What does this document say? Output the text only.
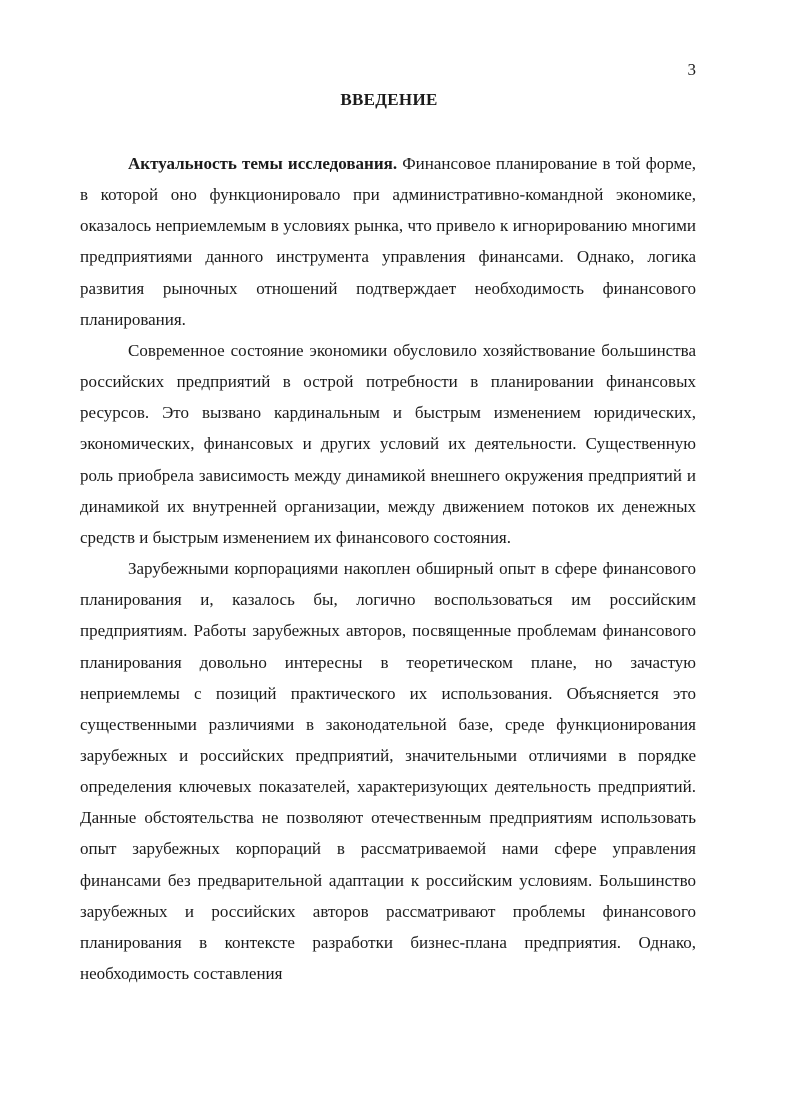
3
ВВЕДЕНИЕ

Актуальность темы исследования. Финансовое планирование в той форме, в которой оно функционировало при административно-командной экономике, оказалось неприемлемым в условиях рынка, что привело к игнорированию многими предприятиями данного инструмента управления финансами. Однако, логика развития рыночных отношений подтверждает необходимость финансового планирования.

Современное состояние экономики обусловило хозяйствование большинства российских предприятий в острой потребности в планировании финансовых ресурсов. Это вызвано кардинальным и быстрым изменением юридических, экономических, финансовых и других условий их деятельности. Существенную роль приобрела зависимость между динамикой внешнего окружения предприятий и динамикой их внутренней организации, между движением потоков их денежных средств и быстрым изменением их финансового состояния.

Зарубежными корпорациями накоплен обширный опыт в сфере финансового планирования и, казалось бы, логично воспользоваться им российским предприятиям. Работы зарубежных авторов, посвященные проблемам финансового планирования довольно интересны в теоретическом плане, но зачастую неприемлемы с позиций практического их использования. Объясняется это существенными различиями в законодательной базе, среде функционирования зарубежных и российских предприятий, значительными отличиями в порядке определения ключевых показателей, характеризующих деятельность предприятий. Данные обстоятельства не позволяют отечественным предприятиям использовать опыт зарубежных корпораций в рассматриваемой нами сфере управления финансами без предварительной адаптации к российским условиям. Большинство зарубежных и российских авторов рассматривают проблемы финансового планирования в контексте разработки бизнес-плана предприятия. Однако, необходимость составления
